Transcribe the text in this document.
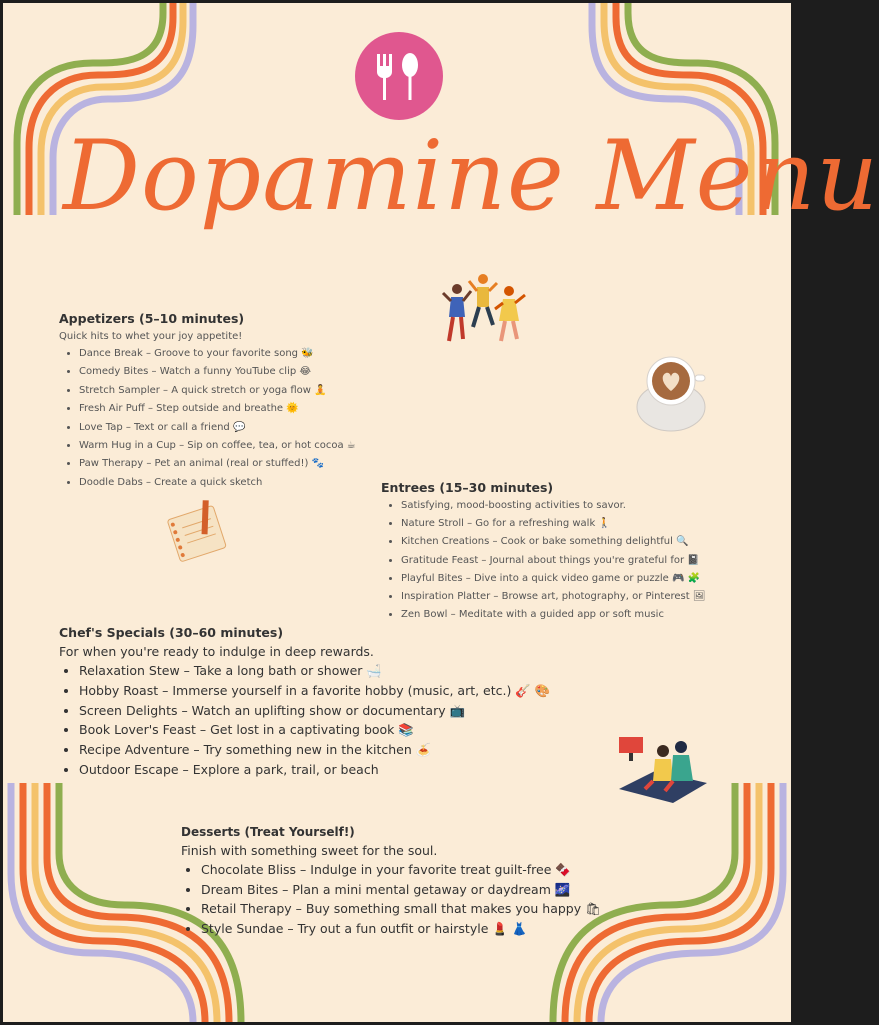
Dopamine Menu
Appetizers (5–10 minutes)

Quick hits to whet your joy appetite!

• Dance Break – Groove to your favorite song 🐝
• Comedy Bites – Watch a funny YouTube clip 😂
• Stretch Sampler – A quick stretch or yoga flow 🧘
• Fresh Air Puff – Step outside and breathe 🌞
• Love Tap – Text or call a friend 💬
• Warm Hug in a Cup – Sip on coffee, tea, or hot cocoa ☕
• Paw Therapy – Pet an animal (real or stuffed!) 🐾
• Doodle Dabs – Create a quick sketch	Entrees (15–30 minutes)
• Satisfying, mood-boosting activities to savor.
• Nature Stroll – Go for a refreshing walk 🚶
• Kitchen Creations – Cook or bake something delightful 🔍
• Gratitude Feast – Journal about things you're grateful for 📓
• Playful Bites – Dive into a quick video game or puzzle 🎮 🧩
• Inspiration Platter – Browse art, photography, or Pinterest 🖼
• Zen Bowl – Meditate with a guided app or soft music
Chef's Specials (30–60 minutes)

For when you're ready to indulge in deep rewards.

• Relaxation Stew – Take a long bath or shower 🛁
• Hobby Roast – Immerse yourself in a favorite hobby (music, art, etc.) 🎸 🎨
• Screen Delights – Watch an uplifting show or documentary 📺
• Book Lover's Feast – Get lost in a captivating book 📚
• Recipe Adventure – Try something new in the kitchen 🍝
• Outdoor Escape – Explore a park, trail, or beach
Desserts (Treat Yourself!)

Finish with something sweet for the soul.

• Chocolate Bliss – Indulge in your favorite treat guilt-free 🍫
• Dream Bites – Plan a mini mental getaway or daydream 🌌
• Retail Therapy – Buy something small that makes you happy 🛍
• Style Sundae – Try out a fun outfit or hairstyle 💄 👗
